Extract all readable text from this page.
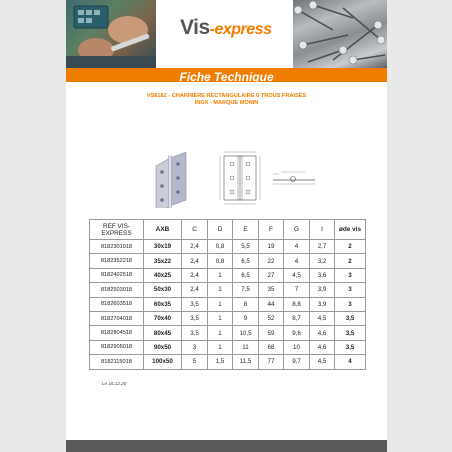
Vis-express
Fiche Technique
VS8182 - CHARNIÈRE RECTANGULAIRE 6 TROUS FRAISÉS
INOX - MARQUE MONIN
REF VIS-EXPRESS	AXB	C	D	E	F	G	I	øde vis
8182301918	30x19	2,4	0,8	5,5	19	4	2,7	2
8182352218	35x22	2,4	0,8	6,5	22	4	3,2	2
8182402518	40x25	2,4	1	6,5	27	4,5	3,6	3
8182503018	50x30	2,4	1	7,5	35	7	3,9	3
8182603518	60x35	3,5	1	8	44	8,8	3,9	3
8182704018	70x40	3,5	1	9	52	8,7	4,5	3,5
8182804518	80x45	3,5	1	10,5	59	9,6	4,6	3,5
8182905018	90x50	3	1	11	68	10	4,6	3,5
8182115018	100x50	5	1,5	11,5	77	9,7	4,5	4
Le 16.12.20
